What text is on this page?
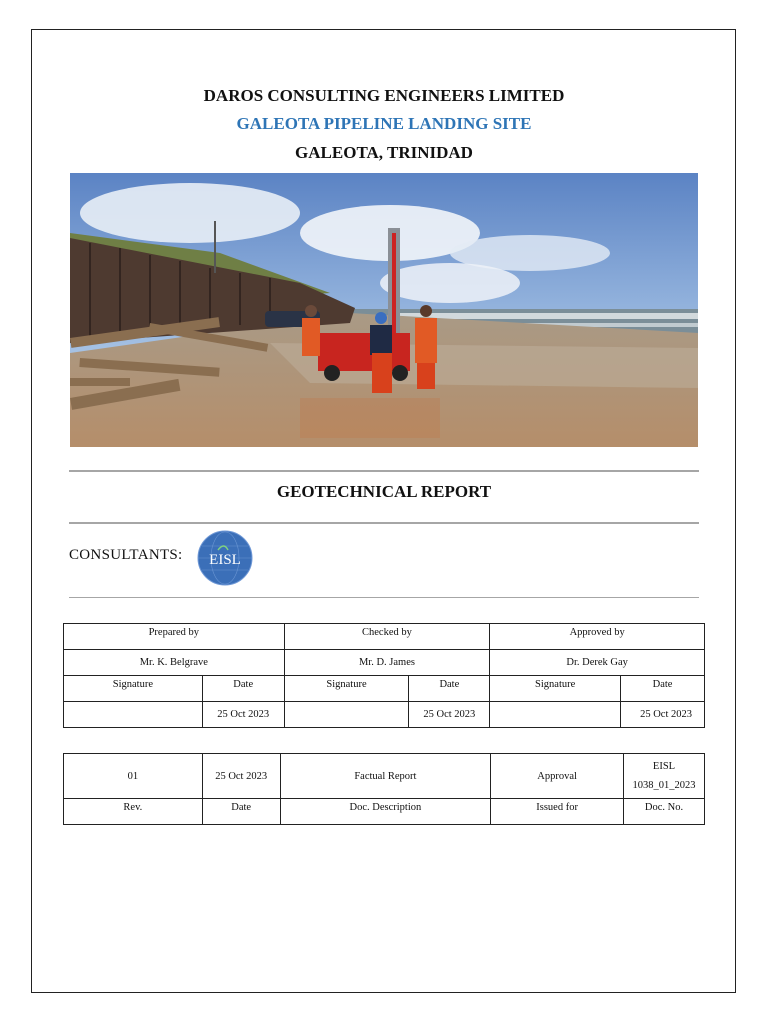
DAROS CONSULTING ENGINEERS LIMITED
GALEOTA PIPELINE LANDING SITE
GALEOTA, TRINIDAD
GEOTECHNICAL REPORT
CONSULTANTS: EISL
Prepared by		Checked by		Approved by	
Mr. K. Belgrave		Mr. D. James		Dr. Derek Gay	
Signature	Date	Signature	Date	Signature	Date
	25 Oct 2023		25 Oct 2023		25 Oct 2023
01	25 Oct 2023	Factual Report	Approval	EISL
1038_01_2023

Rev.	Date	Doc. Description	Issued for	Doc. No.
